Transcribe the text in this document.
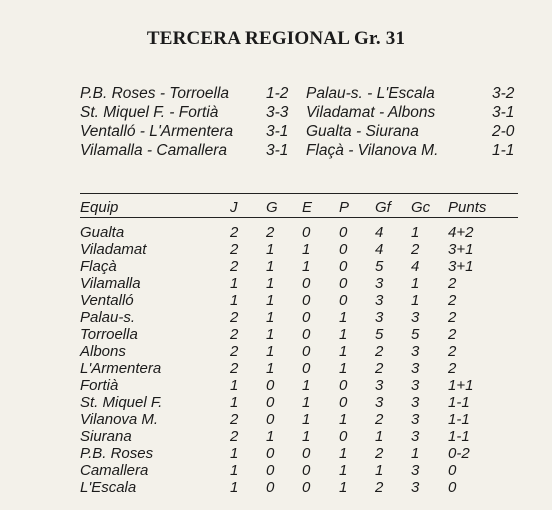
TERCERA REGIONAL Gr. 31
P.B. Roses - Torroella 1-2 Palau-s. - L'Escala	3-2
St. Miquel F. - Fortià	3-3 Viladamat - Albons	3-1
Ventalló - L'Armentera 3-1 Gualta - Siurana	2-0
Vilamalla - Camallera	3-1 Flaçà - Vilanova M.	1-1
Equip	J G E P Gf Gc Punts
Gualta	2 2 0 0 4 1 4+2
Viladamat	2 1 1 0 4 2 3+1
Flaçà	2 1 1 0 5 4 3+1
Vilamalla	1 1 0 0 3 1 2
Ventalló	1 1 0 0 3 1 2
Palau-s.	2 1 0 1 3 3 2
Torroella	2 1 0 1 5 5 2
Albons	2 1 0 1 2 3 2
L'Armentera	2 1 0 1 2 3 2
Fortià	1 0 1 0 3 3 1+1
St. Miquel F.	1 0 1 0 3 3 1-1
Vilanova M.	2 0 1 1 2 3 1-1
Siurana	2 1 1 0 1 3 1-1
P.B. Roses	1 0 0 1 2 1 0-2
Camallera	1 0 0 1 1 3 0
L'Escala	1 0 0 1 2 3 0
